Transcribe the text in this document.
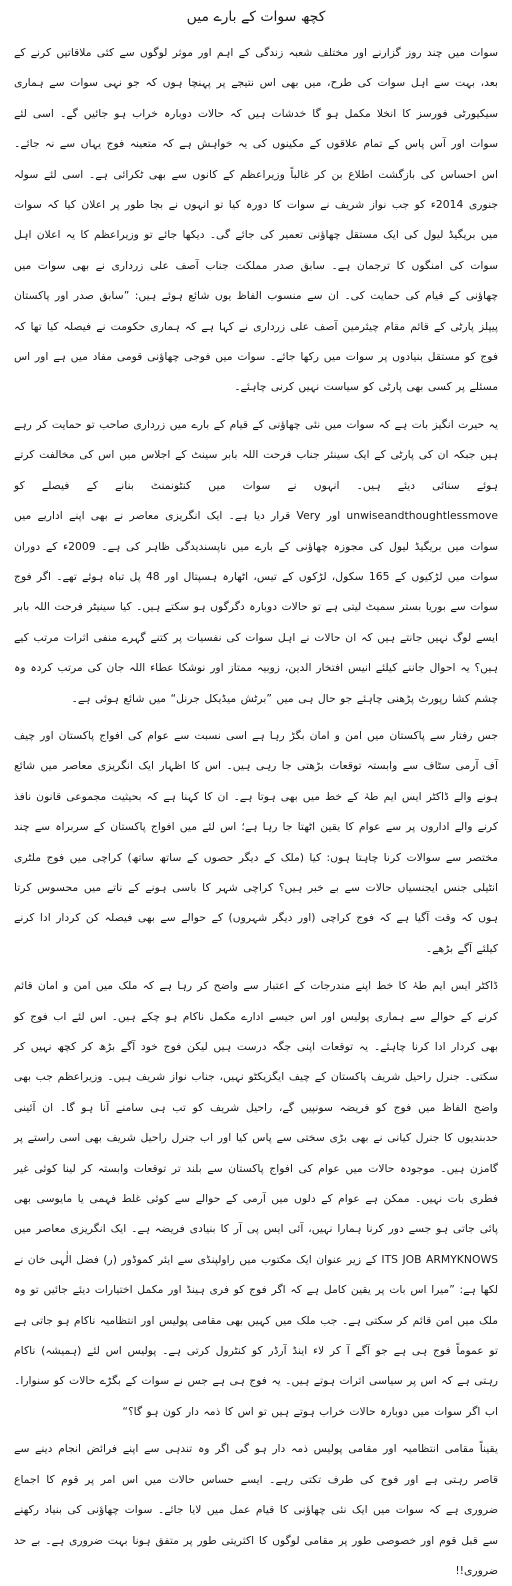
کچھ سوات کے بارے میں

سوات میں چند روز گزارنے اور مختلف شعبہ زندگی کے اہم اور موثر لوگوں سے کئی ملاقاتیں کرنے کے بعد، بہت سے اہل سوات کی طرح، میں بھی اس نتیجے پر پہنچا ہوں کہ جو نہی سوات سے ہماری سیکیورٹی فورسز کا انخلا مکمل ہو گا خدشات ہیں کہ حالات دوبارہ خراب ہو جائیں گے۔ اسی لئے سوات اور آس پاس کے تمام علاقوں کے مکینوں کی یہ خواہش ہے کہ متعینہ فوج یہاں سے نہ جائے۔ اس احساس کی بازگشت اطلاع بن کر غالباً وزیراعظم کے کانوں سے بھی ٹکرائی ہے۔ اسی لئے سولہ جنوری 2014ء کو جب نواز شریف نے سوات کا دورہ کیا تو انہوں نے بجا طور پر اعلان کیا کہ سوات میں بریگیڈ لیول کی ایک مستقل چھاؤنی تعمیر کی جائے گی۔ دیکھا جائے تو وزیراعظم کا یہ اعلان اہل سوات کی امنگوں کا ترجمان ہے۔ سابق صدر مملکت جناب آصف علی زرداری نے بھی سوات میں چھاؤنی کے قیام کی حمایت کی۔ ان سے منسوب الفاظ یوں شائع ہوئے ہیں: ”سابق صدر اور پاکستان پیپلز پارٹی کے قائم مقام چیئرمین آصف علی زرداری نے کہا ہے کہ ہماری حکومت نے فیصلہ کیا تھا کہ فوج کو مستقل بنیادوں پر سوات میں رکھا جائے۔ سوات میں فوجی چھاؤنی قومی مفاد میں ہے اور اس مسئلے پر کسی بھی پارٹی کو سیاست نہیں کرنی چاہئے۔

یہ حیرت انگیز بات ہے کہ سوات میں نئی چھاؤنی کے قیام کے بارے میں زرداری صاحب تو حمایت کر رہے ہیں جبکہ ان کی پارٹی کے ایک سینئر جناب فرحت اللہ بابر سینٹ کے اجلاس میں اس کی مخالفت کرتے ہوئے سنائی دیئے ہیں۔ انہوں نے سوات میں کنٹونمنٹ بنانے کے فیصلے کو unwiseandthoughtlessmove اور Very قرار دیا ہے۔ ایک انگریزی معاصر نے بھی اپنے اداریے میں سوات میں بریگیڈ لیول کی مجوزہ چھاؤنی کے بارے میں ناپسندیدگی ظاہر کی ہے۔ 2009ء کے دوران سوات میں لڑکیوں کے 165 سکول، لڑکوں کے تیس، اٹھارہ ہسپتال اور 48 پل تباہ ہوئے تھے۔ اگر فوج سوات سے بوریا بستر سمیٹ لیتی ہے تو حالات دوبارہ دگرگوں ہو سکتے ہیں۔ کیا سینیٹر فرحت اللہ بابر ایسے لوگ نہیں جانتے ہیں کہ ان حالات نے اہل سوات کی نفسیات پر کتنے گہرے منفی اثرات مرتب کیے ہیں؟ یہ احوال جاننے کیلئے انیس افتخار الدین، زوبیہ ممتاز اور نوشکا عطاء اللہ جان کی مرتب کردہ وہ چشم کشا رپورٹ پڑھنی چاہئے جو حال ہی میں ”برٹش میڈیکل جرنل“ میں شائع ہوئی ہے۔

جس رفتار سے پاکستان میں امن و امان بگڑ رہا ہے اسی نسبت سے عوام کی افواج پاکستان اور چیف آف آرمی سٹاف سے وابستہ توقعات بڑھتی جا رہی ہیں۔ اس کا اظہار ایک انگریزی معاصر میں شائع ہونے والے ڈاکٹر ایس ایم طہٰ کے خط میں بھی ہوتا ہے۔ ان کا کہنا ہے کہ بحیثیت مجموعی قانون نافذ کرنے والے اداروں پر سے عوام کا یقین اٹھتا جا رہا ہے؛ اس لئے میں افواج پاکستان کے سربراہ سے چند مختصر سے سوالات کرنا چاہتا ہوں: کیا (ملک کے دیگر حصوں کے ساتھ ساتھ) کراچی میں فوج ملٹری انٹیلی جنس ایجنسیاں حالات سے بے خبر ہیں؟ کراچی شہر کا باسی ہونے کے ناتے میں محسوس کرتا ہوں کہ وقت آگیا ہے کہ فوج کراچی (اور دیگر شہروں) کے حوالے سے بھی فیصلہ کن کردار ادا کرنے کیلئے آگے بڑھے۔

ڈاکٹر ایس ایم طہٰ کا خط اپنے مندرجات کے اعتبار سے واضح کر رہا ہے کہ ملک میں امن و امان قائم کرنے کے حوالے سے ہماری پولیس اور اس جیسے ادارے مکمل ناکام ہو چکے ہیں۔ اس لئے اب فوج کو بھی کردار ادا کرنا چاہئے۔ یہ توقعات اپنی جگہ درست ہیں لیکن فوج خود آگے بڑھ کر کچھ نہیں کر سکتی۔ جنرل راحیل شریف پاکستان کے چیف ایگزیکٹو نہیں، جناب نواز شریف ہیں۔ وزیراعظم جب بھی واضح الفاظ میں فوج کو فریضہ سونپیں گے، راحیل شریف کو تب ہی سامنے آنا ہو گا۔ ان آئینی حدبندیوں کا جنرل کیانی نے بھی بڑی سختی سے پاس کیا اور اب جنرل راحیل شریف بھی اسی راستے پر گامزن ہیں۔ موجودہ حالات میں عوام کی افواج پاکستان سے بلند تر توقعات وابستہ کر لینا کوئی غیر فطری بات نہیں۔ ممکن ہے عوام کے دلوں میں آرمی کے حوالے سے کوئی غلط فہمی یا مایوسی بھی پائی جاتی ہو جسے دور کرنا ہمارا نہیں، آئی ایس پی آر کا بنیادی فریضہ ہے۔ ایک انگریزی معاصر میں ITS JOB ARMYKNOWS کے زیر عنوان ایک مکتوب میں راولپنڈی سے ایئر کموڈور (ر) فضل الٰہی خان نے لکھا ہے: ”میرا اس بات پر یقین کامل ہے کہ اگر فوج کو فری ہینڈ اور مکمل اختیارات دیئے جائیں تو وہ ملک میں امن قائم کر سکتی ہے۔ جب ملک میں کہیں بھی مقامی پولیس اور انتظامیہ ناکام ہو جاتی ہے تو عموماً فوج ہی ہے جو آگے آ کر لاء اینڈ آرڈر کو کنٹرول کرتی ہے۔ پولیس اس لئے (ہمیشہ) ناکام رہتی ہے کہ اس پر سیاسی اثرات ہوتے ہیں۔ یہ فوج ہی ہے جس نے سوات کے بگڑے حالات کو سنوارا۔ اب اگر سوات میں دوبارہ حالات خراب ہوتے ہیں تو اس کا ذمہ دار کون ہو گا؟“

یقیناً مقامی انتظامیہ اور مقامی پولیس ذمہ دار ہو گی اگر وہ تندہی سے اپنے فرائض انجام دینے سے قاصر رہتی ہے اور فوج کی طرف تکتی رہے۔ ایسے حساس حالات میں اس امر پر قوم کا اجماع ضروری ہے کہ سوات میں ایک نئی چھاؤنی کا قیام عمل میں لایا جائے۔ سوات چھاؤنی کی بنیاد رکھنے سے قبل قوم اور خصوصی طور پر مقامی لوگوں کا اکثریتی طور پر متفق ہونا بہت ضروری ہے۔ بے حد ضروری!!
